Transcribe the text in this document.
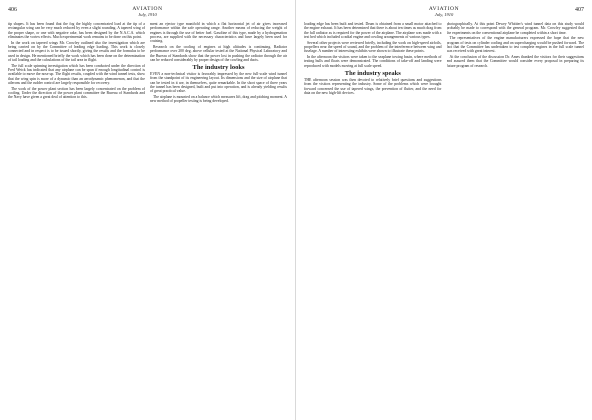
406	AVIATION
July, 1910

tip shapes. It has been found that the fog the highly concentrated load at the tip of a rectangular wing can be very much reduced by even a slight rounding. A tapered wing of the proper shape, or one with negative rake, has been designed by the N.A.C.A. which eliminates the vortex effects. Much experimental work remains to be done on this point.

In the work on tapered wings Mr. Crowley outlined also the investigation which are being carried on by the Committee of leading edge loading. This work is closely connected and in respect is to be issued shortly, giving the results and the formulas to be used in design. He mentioned briefly the work which has been done on the determination of tail loading and the calculations of the tail area in flight.

The full scale spinning investigation which has been conducted under the direction of Fred Weick has indicated that any airplane can be spun if enough longitudinal control is available to move the nose up. The flight results, coupled with the wind tunnel tests, show that the wing spin is more of a dynamic than an aerodynamic phenomenon, and that the ailerons and the rudder control are largely responsible for recovery.

The work of the power plant section has been largely concentrated on the problem of cooling. Under the direction of the power plant committee the Bureau of Standards and the Navy have given a great deal of attention to this.

ment an ejector type manifold in which a flat horizontal jet of air gives increased performance within the safe operating range. Another means of reducing the weight of engines is through the use of better fuel. Gasoline of this type, made by a hydrogenation process, are supplied with the necessary characteristics and have largely been used for cruising.

Research on the cooling of engines at high altitudes is continuing. Radiator performance over 200 deg. above cellular tested at the National Physical Laboratory and the Bureau of Standards show that the power lost in pushing the radiator through the air can be reduced considerably by proper design of the cowling and ducts.

The industry looks

EVEN a non-technical visitor is favorably impressed by the new full-scale wind tunnel from the standpoint of its engineering layout. Its dimensions and the size of airplane that can be tested in it are, in themselves, quite remarkable. In the short space of three years the tunnel has been designed, built and put into operation, and is already yielding results of great practical value.

The airplane is mounted on a balance which measures lift, drag and pitching moment. A new method of propeller testing is being developed.

AVIATION
July, 1910
407

loading edge has been built and tested. Drum is obtained from a small motor attached to the engine exhaust. It has been determined that there is about ten times as much drag from the full radiator as is required for the power of the airplane. The airplane was made with a test bed which included a radial engine and cowling arrangements of various types.

Several other projects were reviewed briefly, including the work on high-speed airfoils, propellers near the speed of sound, and the problem of the interference between wing and fuselage. A number of interesting exhibits were shown to illustrate these points.

In the afternoon the visitors were taken to the seaplane towing basin, where methods of testing hulls and floats were demonstrated. The conditions of take-off and landing were reproduced with models moving at full scale speed.

The industry speaks

THE afternoon session was then devoted to relatively brief questions and suggestions from the visitors representing the industry. Some of the problems which were brought forward concerned the use of tapered wings, the prevention of flutter, and the need for data on the new high-lift devices.

photographically. At this point Dewey Whittier's wind tunnel data on this study would probably be made to correspond with the general program. Mr. Crowley suggested that the experiments on the conventional airplane be completed within a short time.

The representatives of the engine manufacturers expressed the hope that the new program of tests on cylinder cooling and on supercharging would be pushed forward. The fact that the Committee has undertaken to test complete engines in the full scale tunnel was received with great interest.

At the conclusion of the discussion Dr. Ames thanked the visitors for their suggestions and assured them that the Committee would consider every proposal in preparing its future program of research.
